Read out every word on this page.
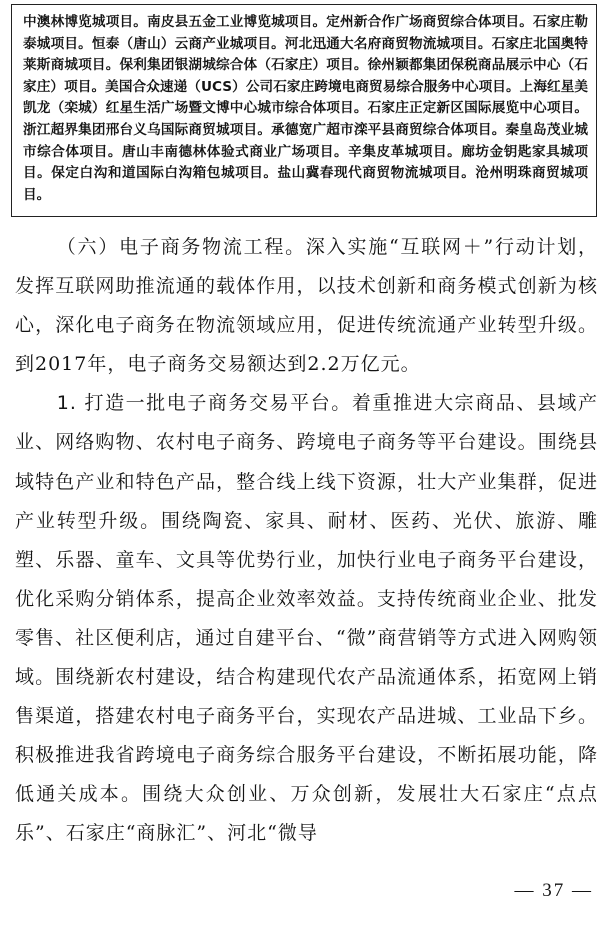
中澳林博览城项目。南皮县五金工业博览城项目。定州新合作广场商贸综合体项目。石家庄勒泰城项目。恒泰（唐山）云商产业城项目。河北迅通大名府商贸物流城项目。石家庄北国奥特莱斯商城项目。保利集团银湖城综合体（石家庄）项目。徐州颖都集团保税商品展示中心（石家庄）项目。美国合众速递（UCS）公司石家庄跨境电商贸易综合服务中心项目。上海红星美凯龙（栾城）红星生活广场暨文博中心城市综合体项目。石家庄正定新区国际展览中心项目。浙江超界集团邢台义乌国际商贸城项目。承德宽广超市滦平县商贸综合体项目。秦皇岛茂业城市综合体项目。唐山丰南德林体验式商业广场项目。辛集皮革城项目。廊坊金钥匙家具城项目。保定白沟和道国际白沟箱包城项目。盐山冀春现代商贸物流城项目。沧州明珠商贸城项目。

（六）电子商务物流工程。深入实施“互联网＋”行动计划，发挥互联网助推流通的载体作用，以技术创新和商务模式创新为核心，深化电子商务在物流领域应用，促进传统流通产业转型升级。到2017年，电子商务交易额达到2.2万亿元。

1. 打造一批电子商务交易平台。着重推进大宗商品、县域产业、网络购物、农村电子商务、跨境电子商务等平台建设。围绕县域特色产业和特色产品，整合线上线下资源，壮大产业集群，促进产业转型升级。围绕陶瓷、家具、耐材、医药、光伏、旅游、雕塑、乐器、童车、文具等优势行业，加快行业电子商务平台建设，优化采购分销体系，提高企业效率效益。支持传统商业企业、批发零售、社区便利店，通过自建平台、“微”商营销等方式进入网购领域。围绕新农村建设，结合构建现代农产品流通体系，拓宽网上销售渠道，搭建农村电子商务平台，实现农产品进城、工业品下乡。积极推进我省跨境电子商务综合服务平台建设，不断拓展功能，降低通关成本。围绕大众创业、万众创新，发展壮大石家庄“点点乐”、石家庄“商脉汇”、河北“微导

— 37 —
